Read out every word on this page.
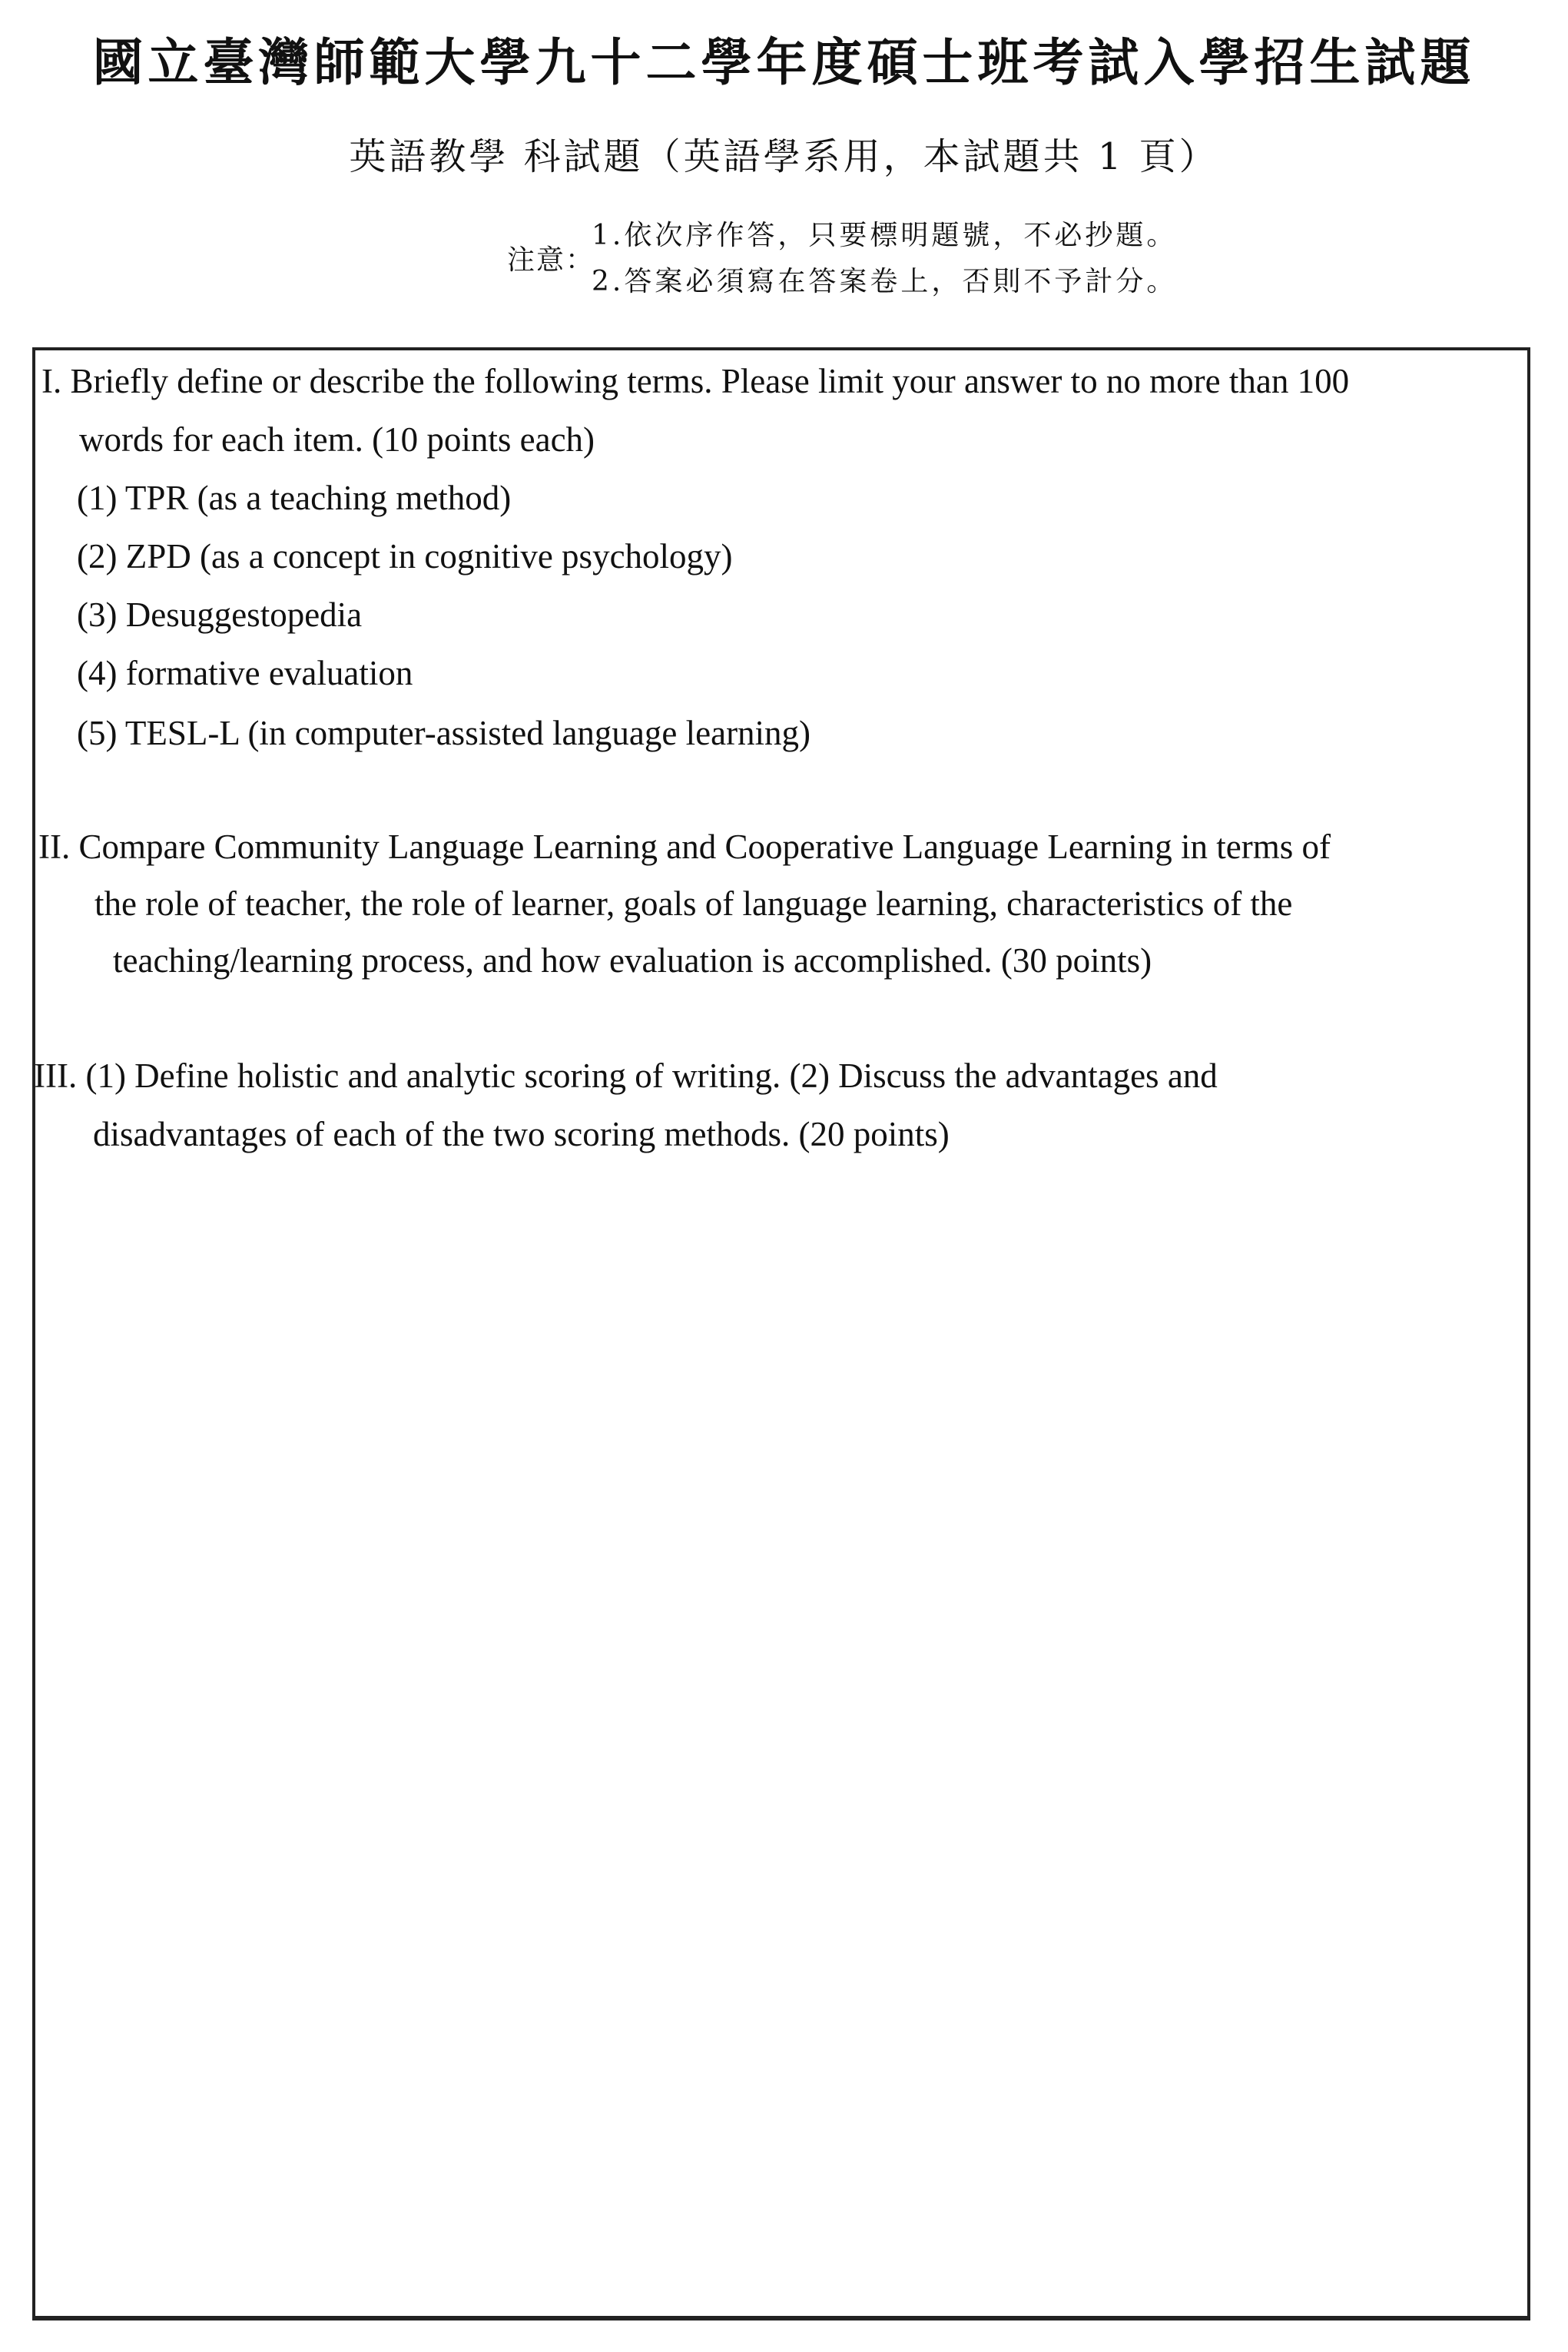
國立臺灣師範大學九十二學年度碩士班考試入學招生試題
英語教學 科試題（英語學系用，本試題共 1 頁）
注意：
1.依次序作答，只要標明題號，不必抄題。
2.答案必須寫在答案卷上，否則不予計分。
I. Briefly define or describe the following terms. Please limit your answer to no more than 100
words for each item. (10 points each)
(1) TPR (as a teaching method)
(2) ZPD (as a concept in cognitive psychology)
(3) Desuggestopedia
(4) formative evaluation
(5) TESL-L (in computer-assisted language learning)
II. Compare Community Language Learning and Cooperative Language Learning in terms of
the role of teacher, the role of learner, goals of language learning, characteristics of the
teaching/learning process, and how evaluation is accomplished. (30 points)
III. (1) Define holistic and analytic scoring of writing. (2) Discuss the advantages and
disadvantages of each of the two scoring methods. (20 points)
